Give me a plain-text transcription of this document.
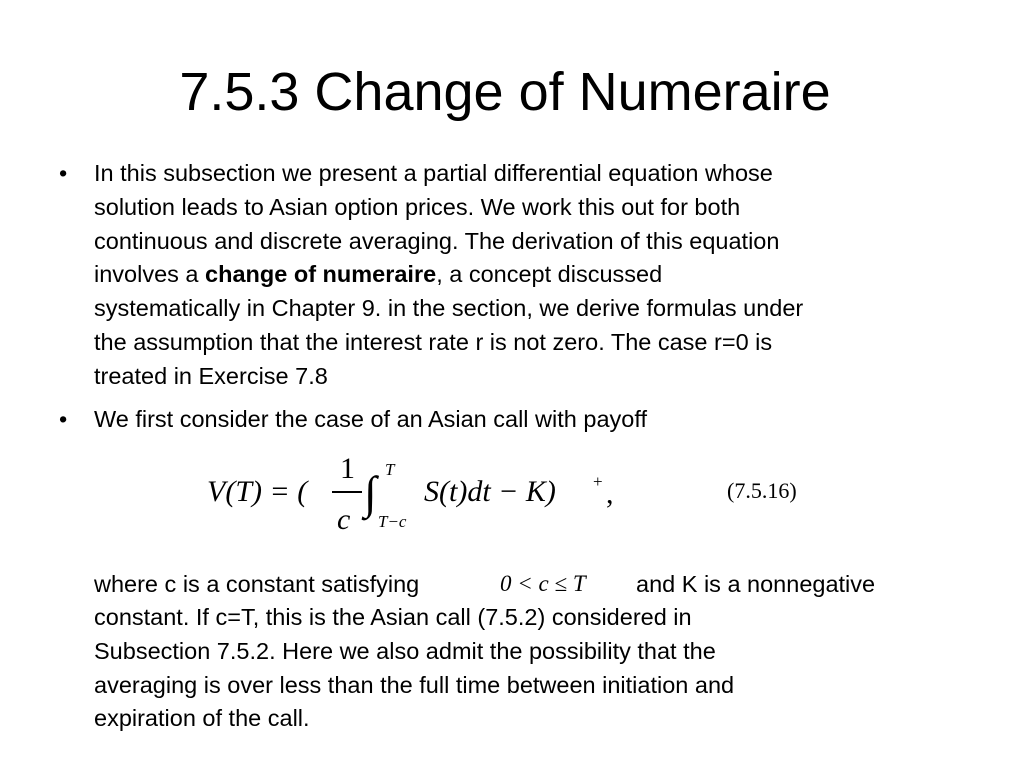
7.5.3 Change of Numeraire
• In this subsection we present a partial differential equation whose
solution leads to Asian option prices. We work this out for both
continuous and discrete averaging. The derivation of this equation
involves a change of numeraire, a concept discussed
systematically in Chapter 9. in the section, we derive formulas under
the assumption that the interest rate r is not zero. The case r=0 is
treated in Exercise 7.8
• We first consider the case of an Asian call with payoff
V(T) = (
1
c
∫ T
T−c
S(t)dt − K) + ,	(7.5.16)
where c is a constant satisfying	0 < c ≤ T and K is a nonnegative
constant. If c=T, this is the Asian call (7.5.2) considered in
Subsection 7.5.2. Here we also admit the possibility that the
averaging is over less than the full time between initiation and
expiration of the call.
